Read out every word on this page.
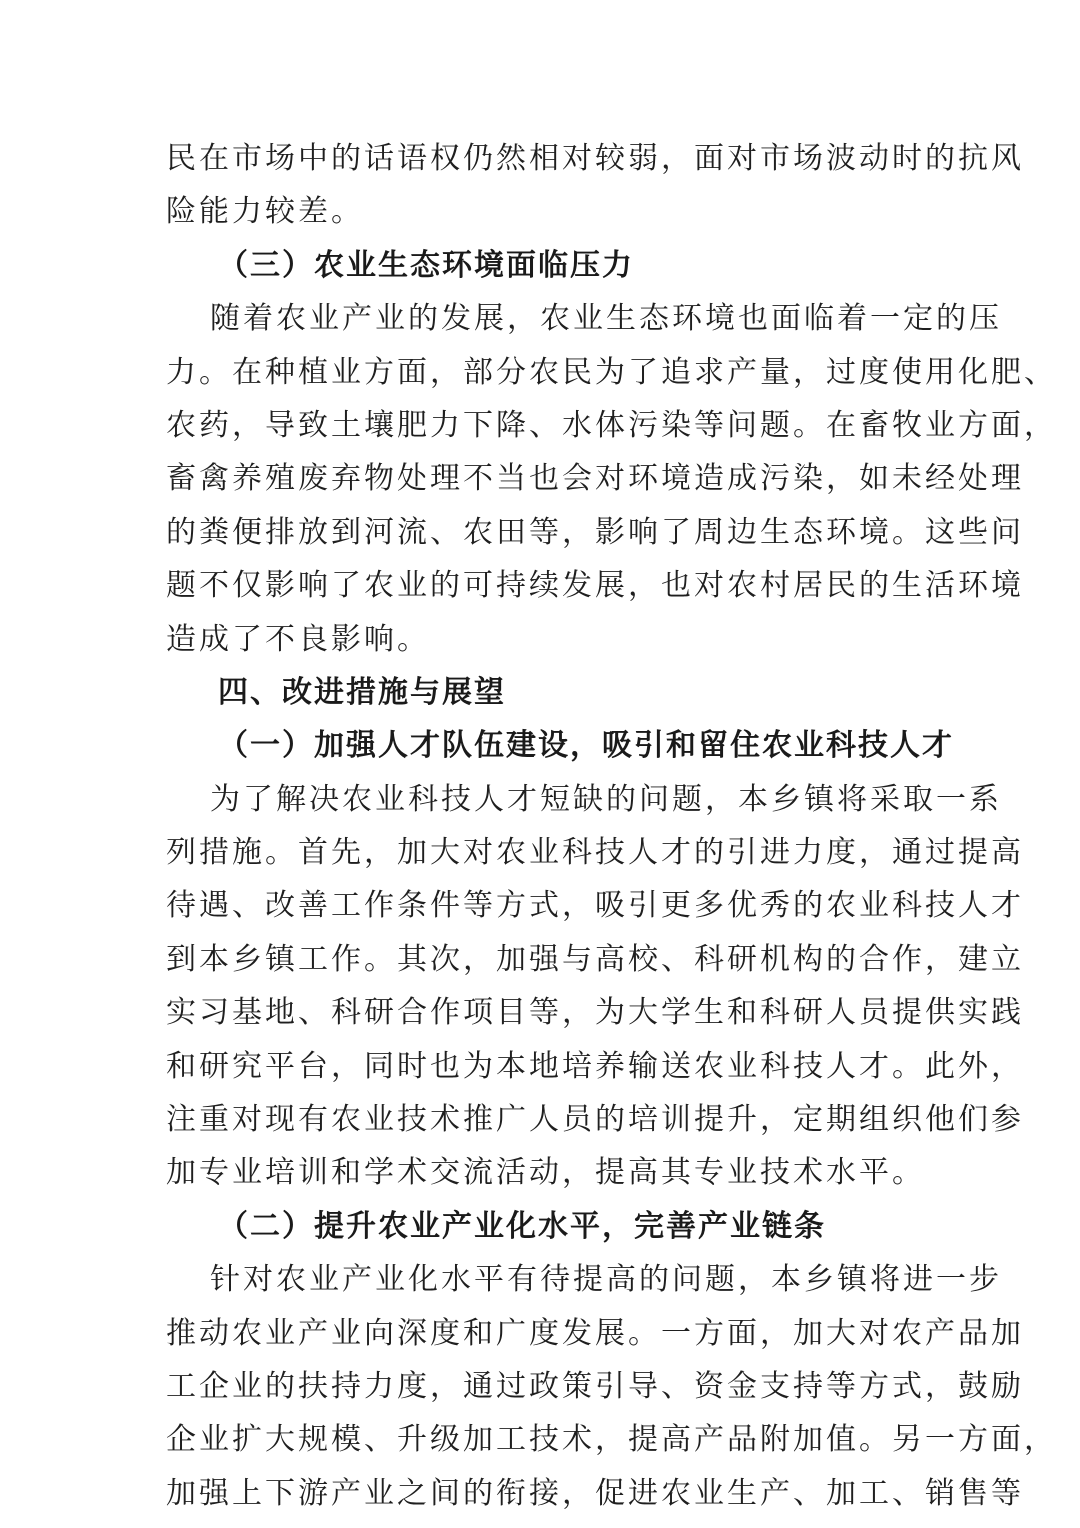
民在市场中的话语权仍然相对较弱，面对市场波动时的抗风
险能力较差。
（三）农业生态环境面临压力
随着农业产业的发展，农业生态环境也面临着一定的压
力。在种植业方面，部分农民为了追求产量，过度使用化肥、
农药，导致土壤肥力下降、水体污染等问题。在畜牧业方面，
畜禽养殖废弃物处理不当也会对环境造成污染，如未经处理
的粪便排放到河流、农田等，影响了周边生态环境。这些问
题不仅影响了农业的可持续发展，也对农村居民的生活环境
造成了不良影响。
四、改进措施与展望
（一）加强人才队伍建设，吸引和留住农业科技人才
为了解决农业科技人才短缺的问题，本乡镇将采取一系
列措施。首先，加大对农业科技人才的引进力度，通过提高
待遇、改善工作条件等方式，吸引更多优秀的农业科技人才
到本乡镇工作。其次，加强与高校、科研机构的合作，建立
实习基地、科研合作项目等，为大学生和科研人员提供实践
和研究平台，同时也为本地培养输送农业科技人才。此外，
注重对现有农业技术推广人员的培训提升，定期组织他们参
加专业培训和学术交流活动，提高其专业技术水平。
（二）提升农业产业化水平，完善产业链条
针对农业产业化水平有待提高的问题，本乡镇将进一步
推动农业产业向深度和广度发展。一方面，加大对农产品加
工企业的扶持力度，通过政策引导、资金支持等方式，鼓励
企业扩大规模、升级加工技术，提高产品附加值。另一方面，
加强上下游产业之间的衔接，促进农业生产、加工、销售等
